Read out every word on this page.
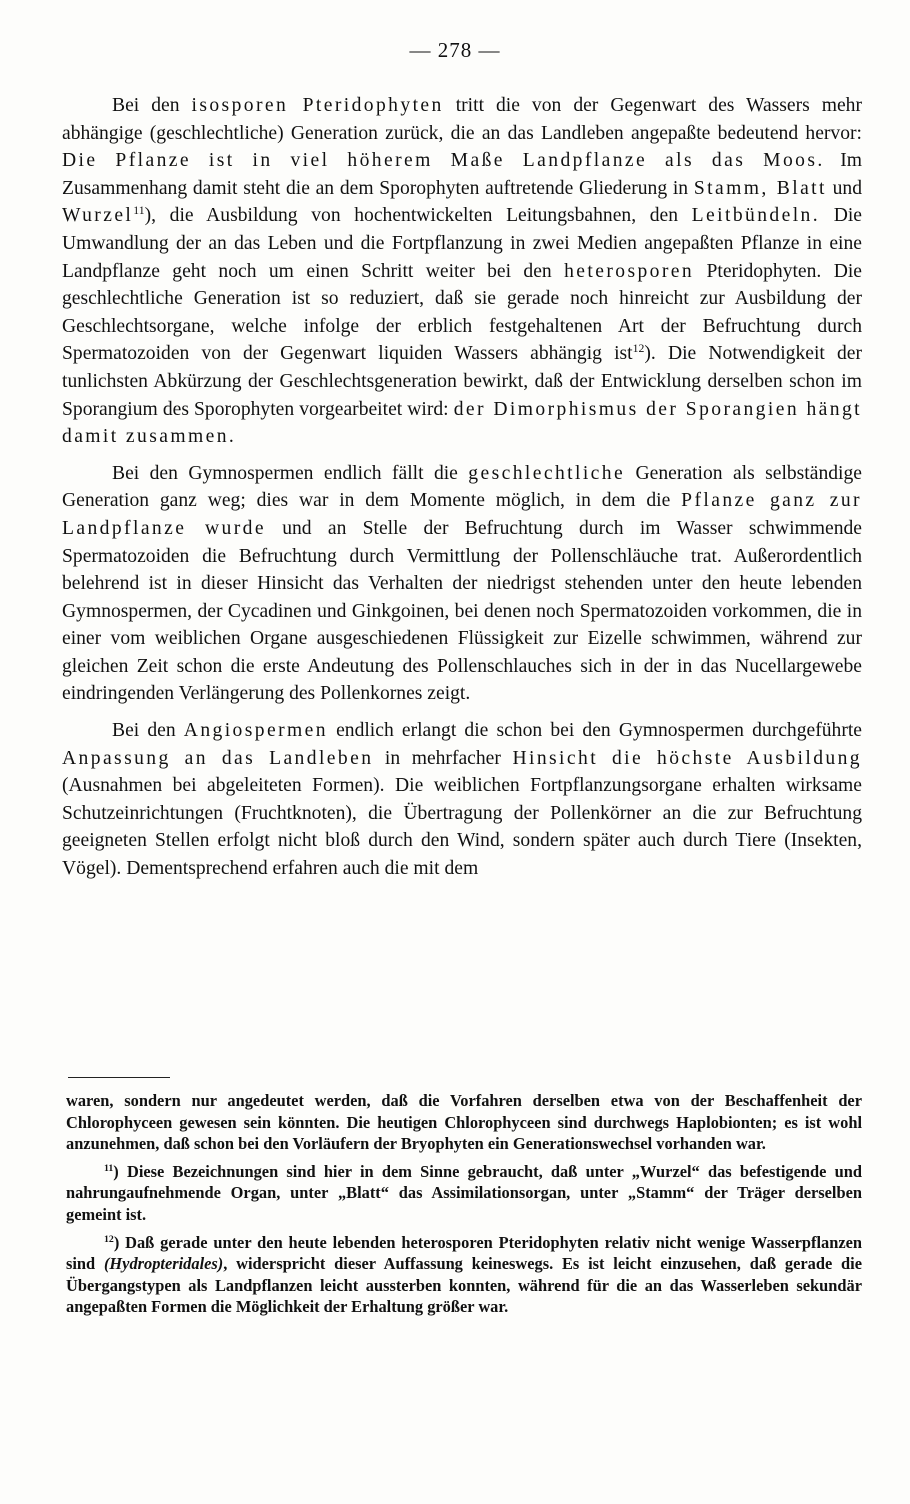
— 278 —

Bei den isosporen Pteridophyten tritt die von der Gegenwart des Wassers mehr abhängige (geschlechtliche) Generation zurück, die an das Landleben angepaßte bedeutend hervor: Die Pflanze ist in viel höherem Maße Landpflanze als das Moos. Im Zusammenhang damit steht die an dem Sporophyten auftretende Gliederung in Stamm, Blatt und Wurzel$^{11}$), die Ausbildung von hochentwickelten Leitungsbahnen, den Leitbündeln. Die Umwandlung der an das Leben und die Fortpflanzung in zwei Medien angepaßten Pflanze in eine Landpflanze geht noch um einen Schritt weiter bei den heterosporen Pteridophyten. Die geschlechtliche Generation ist so reduziert, daß sie gerade noch hinreicht zur Ausbildung der Geschlechtsorgane, welche infolge der erblich festgehaltenen Art der Befruchtung durch Spermatozoiden von der Gegenwart liquiden Wassers abhängig ist$^{12}$). Die Notwendigkeit der tunlichsten Abkürzung der Geschlechtsgeneration bewirkt, daß der Entwicklung derselben schon im Sporangium des Sporophyten vorgearbeitet wird: der Dimorphismus der Sporangien hängt damit zusammen.

Bei den Gymnospermen endlich fällt die geschlechtliche Generation als selbständige Generation ganz weg; dies war in dem Momente möglich, in dem die Pflanze ganz zur Landpflanze wurde und an Stelle der Befruchtung durch im Wasser schwimmende Spermatozoiden die Befruchtung durch Vermittlung der Pollenschläuche trat. Außerordentlich belehrend ist in dieser Hinsicht das Verhalten der niedrigst stehenden unter den heute lebenden Gymnospermen, der Cycadinen und Ginkgoinen, bei denen noch Spermatozoiden vorkommen, die in einer vom weiblichen Organe ausgeschiedenen Flüssigkeit zur Eizelle schwimmen, während zur gleichen Zeit schon die erste Andeutung des Pollenschlauches sich in der in das Nucellargewebe eindringenden Verlängerung des Pollenkornes zeigt.

Bei den Angiospermen endlich erlangt die schon bei den Gymnospermen durchgeführte Anpassung an das Landleben in mehrfacher Hinsicht die höchste Ausbildung (Ausnahmen bei abgeleiteten Formen). Die weiblichen Fortpflanzungsorgane erhalten wirksame Schutzeinrichtungen (Fruchtknoten), die Übertragung der Pollenkörner an die zur Befruchtung geeigneten Stellen erfolgt nicht bloß durch den Wind, sondern später auch durch Tiere (Insekten, Vögel). Dementsprechend erfahren auch die mit dem

waren, sondern nur angedeutet werden, daß die Vorfahren derselben etwa von der Beschaffenheit der Chlorophyceen gewesen sein könnten. Die heutigen Chlorophyceen sind durchwegs Haplobionten; es ist wohl anzunehmen, daß schon bei den Vorläufern der Bryophyten ein Generationswechsel vorhanden war.

$^{11}$) Diese Bezeichnungen sind hier in dem Sinne gebraucht, daß unter „Wurzel“ das befestigende und nahrungaufnehmende Organ, unter „Blatt“ das Assimilationsorgan, unter „Stamm“ der Träger derselben gemeint ist.

$^{12}$) Daß gerade unter den heute lebenden heterosporen Pteridophyten relativ nicht wenige Wasserpflanzen sind (Hydropteridales), widerspricht dieser Auffassung keineswegs. Es ist leicht einzusehen, daß gerade die Übergangstypen als Landpflanzen leicht aussterben konnten, während für die an das Wasserleben sekundär angepaßten Formen die Möglichkeit der Erhaltung größer war.
